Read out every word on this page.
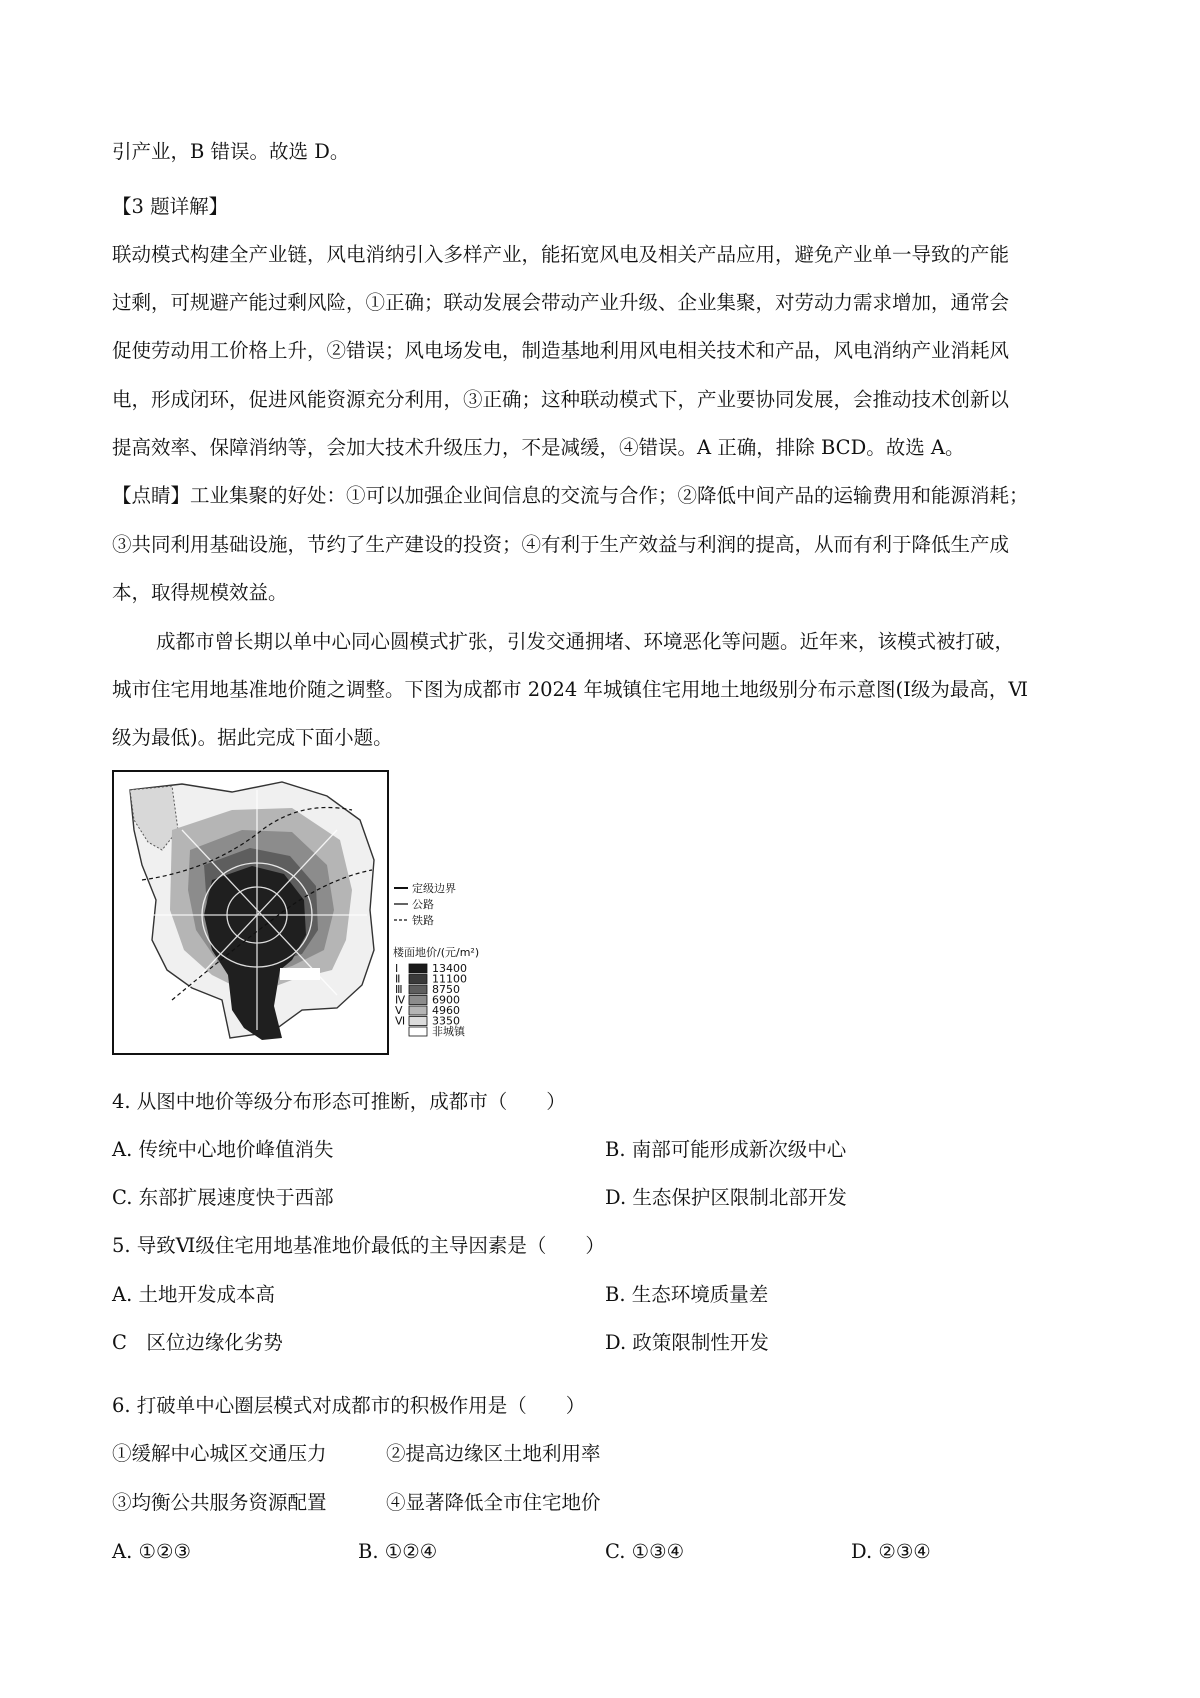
引产业，B 错误。故选 D。
【3 题详解】
联动模式构建全产业链，风电消纳引入多样产业，能拓宽风电及相关产品应用，避免产业单一导致的产能
过剩，可规避产能过剩风险，①正确；联动发展会带动产业升级、企业集聚，对劳动力需求增加，通常会
促使劳动用工价格上升，②错误；风电场发电，制造基地利用风电相关技术和产品，风电消纳产业消耗风
电，形成闭环，促进风能资源充分利用，③正确；这种联动模式下，产业要协同发展，会推动技术创新以
提高效率、保障消纳等，会加大技术升级压力，不是减缓，④错误。A 正确，排除 BCD。故选 A。
【点睛】工业集聚的好处：①可以加强企业间信息的交流与合作；②降低中间产品的运输费用和能源消耗；
③共同利用基础设施，节约了生产建设的投资；④有利于生产效益与利润的提高，从而有利于降低生产成
本，取得规模效益。
成都市曾长期以单中心同心圆模式扩张，引发交通拥堵、环境恶化等问题。近年来，该模式被打破，
城市住宅用地基准地价随之调整。下图为成都市 2024 年城镇住宅用地土地级别分布示意图(Ⅰ级为最高，Ⅵ
级为最低)。据此完成下面小题。
定级边界
公路
铁路
楼面地价/(元/m²)
Ⅰ	13400
Ⅱ	11100
Ⅲ	8750
Ⅳ 6900
Ⅴ	4960
Ⅵ 3350
非城镇
4. 从图中地价等级分布形态可推断，成都市（　　）
A. 传统中心地价峰值消失	B. 南部可能形成新次级中心
C. 东部扩展速度快于西部	D. 生态保护区限制北部开发
5. 导致Ⅵ级住宅用地基准地价最低的主导因素是（　　）
A. 土地开发成本高	B. 生态环境质量差
C　区位边缘化劣势	D. 政策限制性开发
6. 打破单中心圈层模式对成都市的积极作用是（　　）
①缓解中心城区交通压力	②提高边缘区土地利用率
③均衡公共服务资源配置	④显著降低全市住宅地价
A. ①②③	B. ①②④	C. ①③④	D. ②③④
